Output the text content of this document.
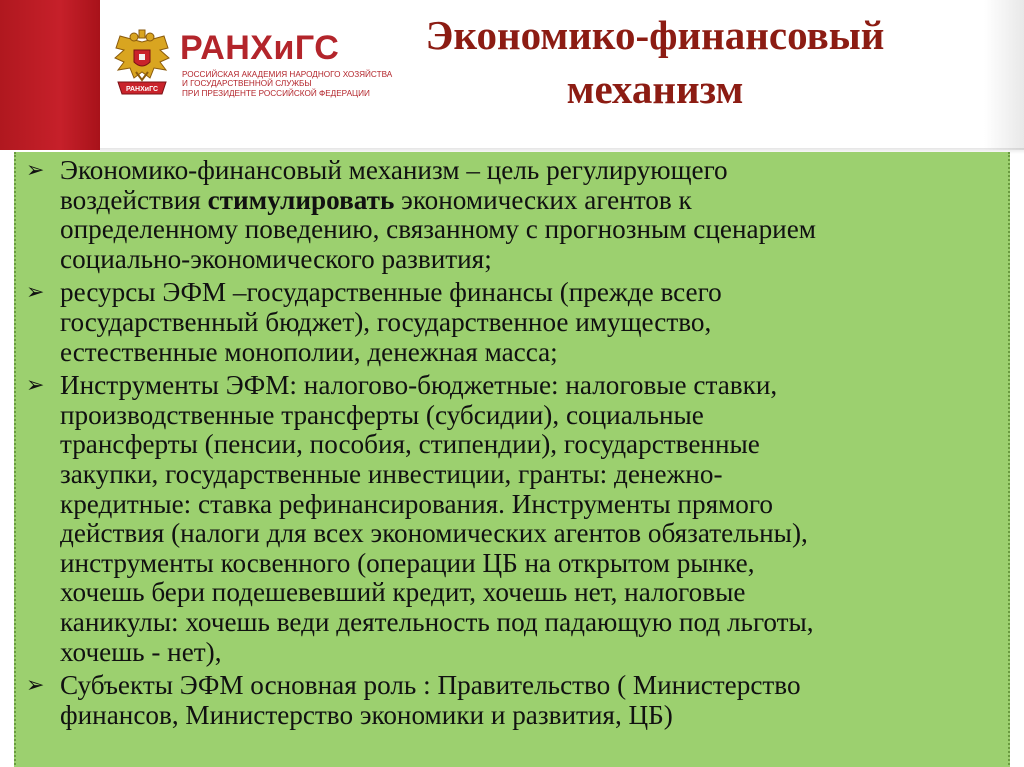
РАНХиГС
РАНХиГС
РОССИЙСКАЯ АКАДЕМИЯ НАРОДНОГО ХОЗЯЙСТВА
И ГОСУДАРСТВЕННОЙ СЛУЖБЫ
ПРИ ПРЕЗИДЕНТЕ РОССИЙСКОЙ ФЕДЕРАЦИИ
Экономико-финансовый
механизм
➢ Экономико-финансовый механизм – цель регулирующего
воздействия стимулировать экономических агентов к
определенному поведению, связанному с прогнозным сценарием
социально-экономического развития;
➢ ресурсы ЭФМ –государственные финансы (прежде всего
государственный бюджет), государственное имущество,
естественные монополии, денежная масса;
➢ Инструменты ЭФМ: налогово-бюджетные: налоговые ставки,
производственные трансферты (субсидии), социальные
трансферты (пенсии, пособия, стипендии), государственные
закупки, государственные инвестиции, гранты: денежно-
кредитные: ставка рефинансирования. Инструменты прямого
действия (налоги для всех экономических агентов обязательны),
инструменты косвенного (операции ЦБ на открытом рынке,
хочешь бери подешевевший кредит, хочешь нет, налоговые
каникулы: хочешь веди деятельность под падающую под льготы,
хочешь - нет),
➢ Субъекты ЭФМ основная роль : Правительство ( Министерство
финансов, Министерство экономики и развития, ЦБ)
